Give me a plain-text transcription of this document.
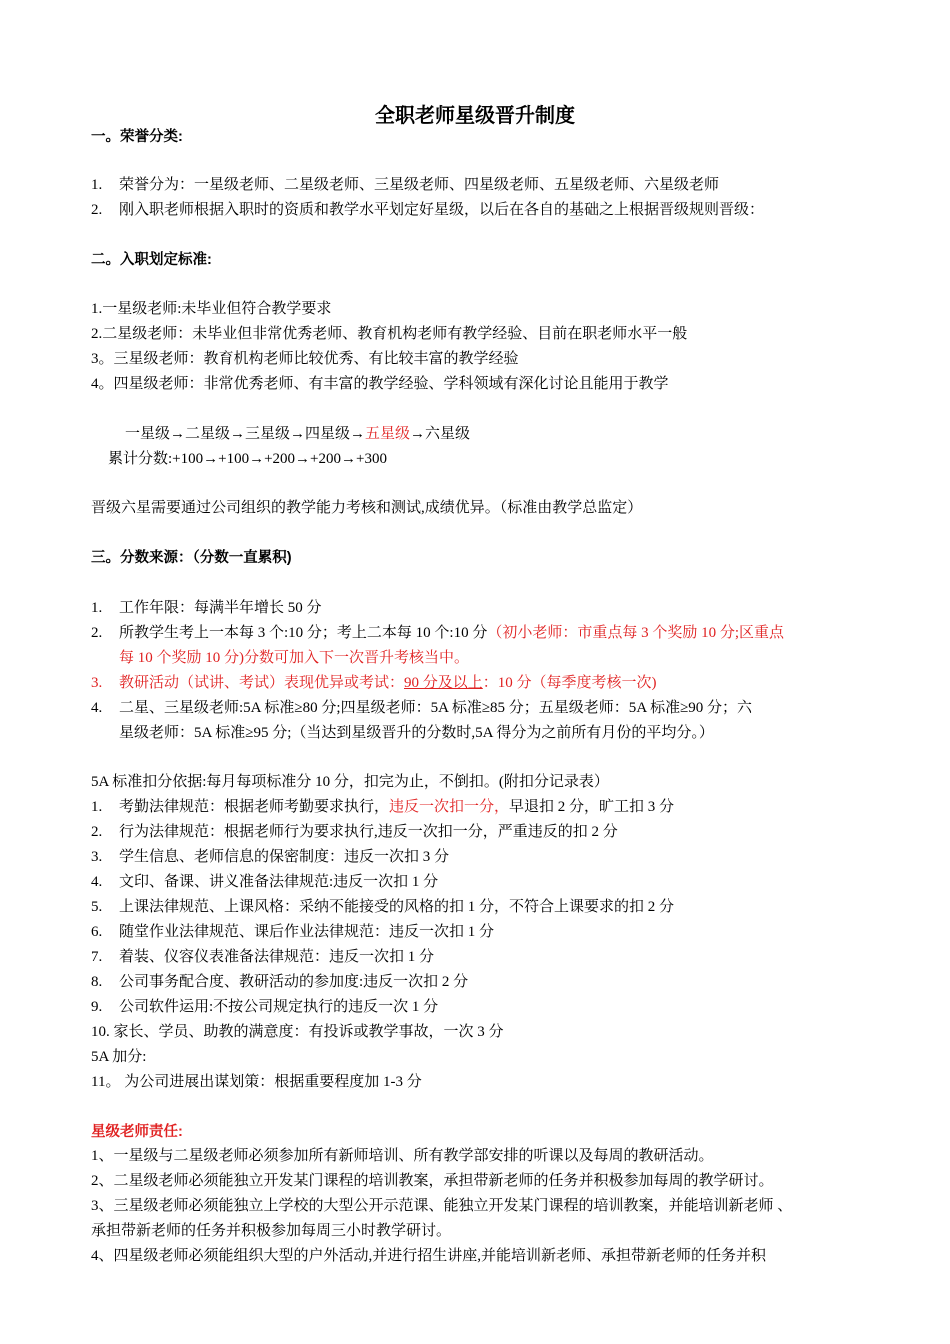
全职老师星级晋升制度
一。荣誉分类:
1. 荣誉分为：一星级老师、二星级老师、三星级老师、四星级老师、五星级老师、六星级老师
2. 刚入职老师根据入职时的资质和教学水平划定好星级，以后在各自的基础之上根据晋级规则晋级：
二。入职划定标准:
1.一星级老师:未毕业但符合教学要求
2.二星级老师：未毕业但非常优秀老师、教育机构老师有教学经验、目前在职老师水平一般
3。三星级老师：教育机构老师比较优秀、有比较丰富的教学经验
4。四星级老师：非常优秀老师、有丰富的教学经验、学科领域有深化讨论且能用于教学
一星级→二星级→三星级→四星级→五星级→六星级
累计分数:+100→+100→+200→+200→+300
晋级六星需要通过公司组织的教学能力考核和测试,成绩优异。（标准由教学总监定）
三。分数来源：（分数一直累积)
1. 工作年限：每满半年增长 50 分
2. 所教学生考上一本每 3 个:10 分；考上二本每 10 个:10 分（初小老师：市重点每 3 个奖励 10 分;区重点
每 10 个奖励 10 分)分数可加入下一次晋升考核当中。
3. 教研活动（试讲、考试）表现优异或考试：90 分及以上：10 分（每季度考核一次)
4. 二星、三星级老师:5A 标准≥80 分;四星级老师：5A 标准≥85 分；五星级老师：5A 标准≥90 分；六
星级老师：5A 标准≥95 分;（当达到星级晋升的分数时,5A 得分为之前所有月份的平均分。）
5A 标准扣分依据:每月每项标准分 10 分，扣完为止，不倒扣。(附扣分记录表）
1. 考勤法律规范：根据老师考勤要求执行，违反一次扣一分，早退扣 2 分，旷工扣 3 分
2. 行为法律规范：根据老师行为要求执行,违反一次扣一分，严重违反的扣 2 分
3. 学生信息、老师信息的保密制度：违反一次扣 3 分
4. 文印、备课、讲义准备法律规范:违反一次扣 1 分
5. 上课法律规范、上课风格：采纳不能接受的风格的扣 1 分，不符合上课要求的扣 2 分
6. 随堂作业法律规范、课后作业法律规范：违反一次扣 1 分
7. 着装、仪容仪表准备法律规范：违反一次扣 1 分
8. 公司事务配合度、教研活动的参加度:违反一次扣 2 分
9. 公司软件运用:不按公司规定执行的违反一次 1 分
10. 家长、学员、助教的满意度：有投诉或教学事故，一次 3 分
5A 加分:
11。 为公司进展出谋划策：根据重要程度加 1-3 分
星级老师责任:
1、一星级与二星级老师必须参加所有新师培训、所有教学部安排的听课以及每周的教研活动。
2、二星级老师必须能独立开发某门课程的培训教案，承担带新老师的任务并积极参加每周的教学研讨。
3、三星级老师必须能独立上学校的大型公开示范课、能独立开发某门课程的培训教案，并能培训新老师 、
承担带新老师的任务并积极参加每周三小时教学研讨。
4、四星级老师必须能组织大型的户外活动,并进行招生讲座,并能培训新老师、承担带新老师的任务并积
